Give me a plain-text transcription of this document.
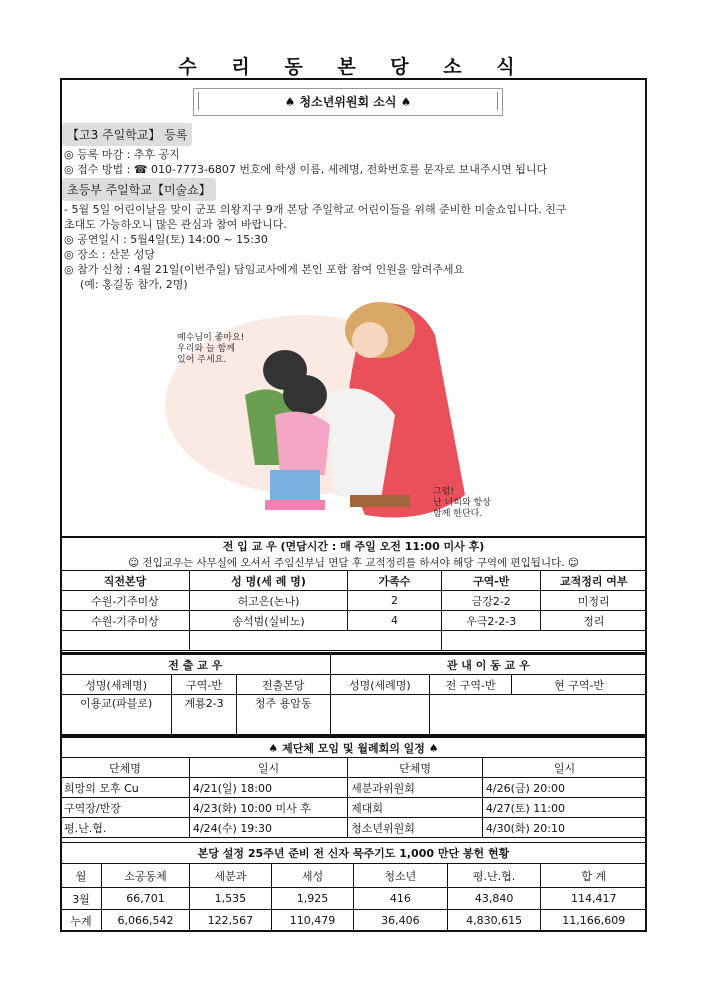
수 리 동 본 당 소 식
♠ 청소년위원회 소식 ♠
【고3 주일학교】 등록
◎ 등록 마감 : 추후 공지
◎ 접수 방법 : ☎ 010-7773-6807 번호에 학생 이름, 세례명, 전화번호를 문자로 보내주시면 됩니다
초등부 주일학교【미술쇼】
- 5월 5일 어린이날을 맞이 군포 의왕지구 9개 본당 주일학교 어린이들을 위해 준비한 미술쇼입니다. 친구
초대도 가능하오니 많은 관심과 참여 바랍니다.
◎ 공연일시 : 5월4일(토) 14:00 ~ 15:30
◎ 장소 : 산본 성당
◎ 참가 신청 : 4월 21일(이번주일) 담임교사에게 본인 포함 참여 인원을 알려주세요
(예: 홍길동 참가, 2명)
예수님이 좋아요!
우리와 늘 함께
있어 주세요.
그럼!
난 너희와 항상
함께 한단다.
전 입 교 우 (면담시간 : 매 주일 오전 11:00 미사 후)				
☺ 전입교우는 사무실에 오셔서 주임신부님 면담 후 교적정리를 하셔야 해당 구역에 편입됩니다. ☺				
직전본당	성 명(세 례 명)	가족수	구역-반	교적정리 여부
수원-기주미상	허고은(논나)	2	금강2-2	미정리
수원-기주미상	송석범(실비노)	4	우극2-2-3	정리

전 출 교 우			관 내 이 동 교 우		
성명(세례명)	구역-반	전출본당	성명(세례명)	전 구역-반	현 구역-반
이용교(파블로)	계룡2-3	청주 용암동			
♠ 제단체 모임 및 월례회의 일정 ♠			
단체명	일시	단체명	일시
희망의 모후 Cu	4/21(일) 18:00	세분과위원회	4/26(금) 20:00
구역장/반장	4/23(화) 10:00 미사 후	제대회	4/27(토) 11:00
평.난.협.	4/24(수) 19:30	청소년위원회	4/30(화) 20:10
본당 설정 25주년 준비 전 신자 묵주기도 1,000 만단 봉헌 현황						
월	소공동체	세분과	세성	청소년	평.난.협.	합 계
3월	66,701	1,535	1,925	416	43,840	114,417
누계	6,066,542	122,567	110,479	36,406	4,830,615	11,166,609
